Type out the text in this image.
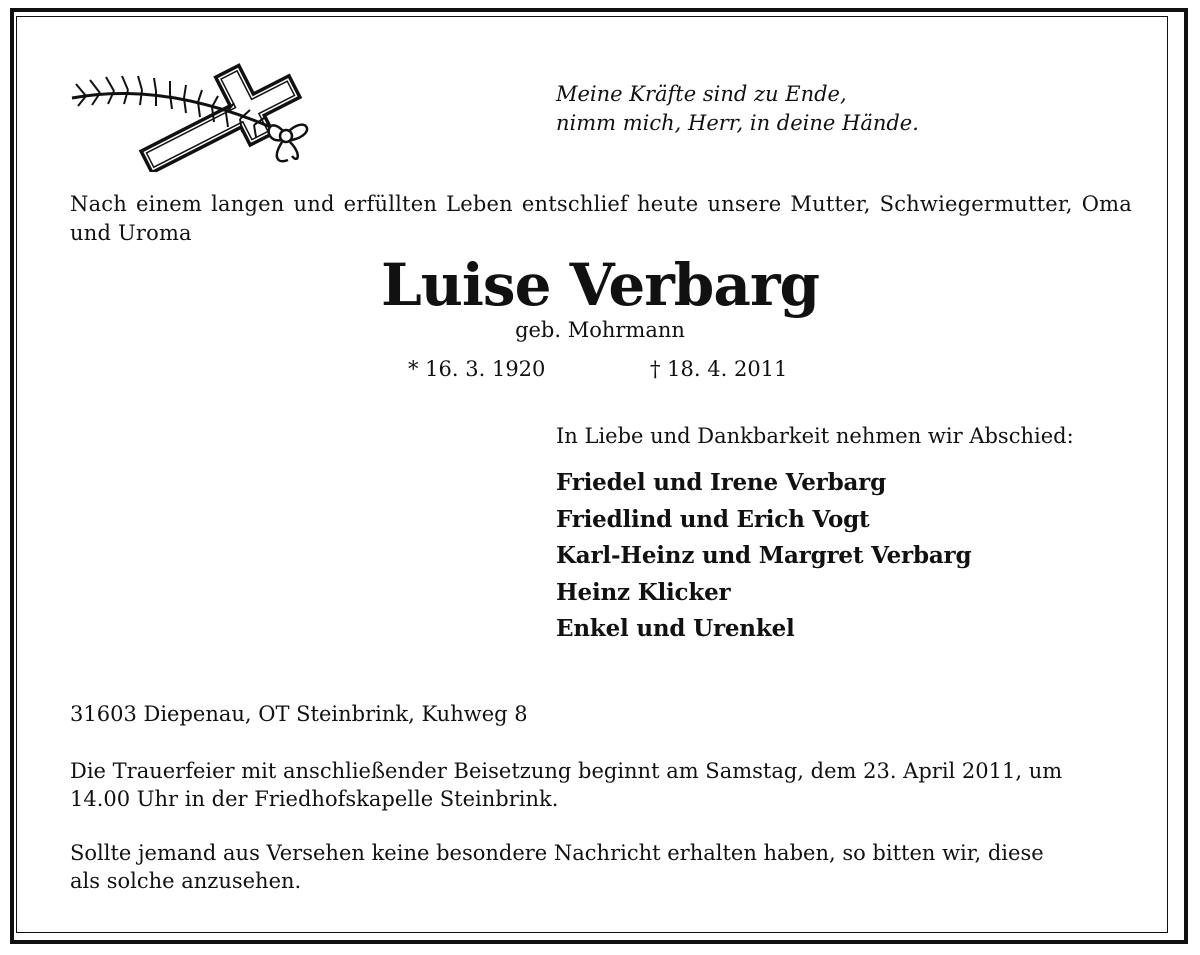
Meine Kräfte sind zu Ende,
nimm mich, Herr, in deine Hände.
Nach einem langen und erfüllten Leben entschlief heute unsere Mutter, Schwiegermutter, Oma und Uroma
Luise Verbarg
geb. Mohrmann
* 16. 3. 1920	† 18. 4. 2011
In Liebe und Dankbarkeit nehmen wir Abschied:
Friedel und Irene Verbarg
Friedlind und Erich Vogt
Karl-Heinz und Margret Verbarg
Heinz Klicker
Enkel und Urenkel
31603 Diepenau, OT Steinbrink, Kuhweg 8
Die Trauerfeier mit anschließender Beisetzung beginnt am Samstag, dem 23. April 2011, um
14.00 Uhr in der Friedhofskapelle Steinbrink.
Sollte jemand aus Versehen keine besondere Nachricht erhalten haben, so bitten wir, diese
als solche anzusehen.
